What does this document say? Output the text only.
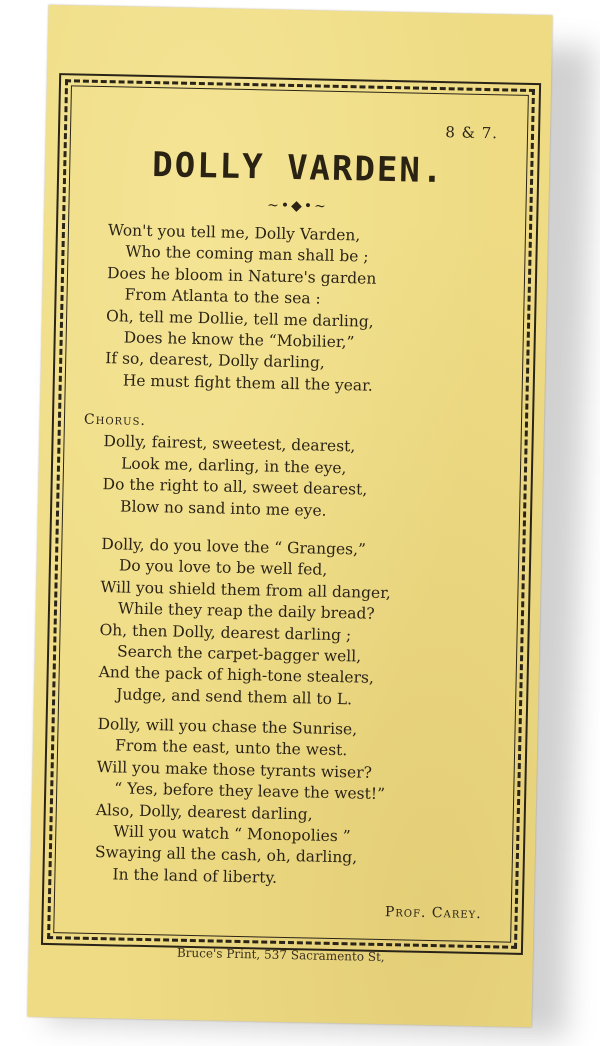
8 & 7.
DOLLY VARDEN.
~•◆•~
Won't you tell me, Dolly Varden,
Who the coming man shall be ;
Does he bloom in Nature's garden
From Atlanta to the sea :
Oh, tell me Dollie, tell me darling,
Does he know the “Mobilier,”
If so, dearest, Dolly darling,
He must fight them all the year.
Chorus.
Dolly, fairest, sweetest, dearest,
Look me, darling, in the eye,
Do the right to all, sweet dearest,
Blow no sand into me eye.
Dolly, do you love the “ Granges,”
Do you love to be well fed,
Will you shield them from all danger,
While they reap the daily bread?
Oh, then Dolly, dearest darling ;
Search the carpet-bagger well,
And the pack of high-tone stealers,
Judge, and send them all to L.
Dolly, will you chase the Sunrise,
From the east, unto the west.
Will you make those tyrants wiser?
“ Yes, before they leave the west!”
Also, Dolly, dearest darling,
Will you watch “ Monopolies ”
Swaying all the cash, oh, darling,
In the land of liberty.
Prof. Carey.
Bruce's Print, 537 Sacramento St,
